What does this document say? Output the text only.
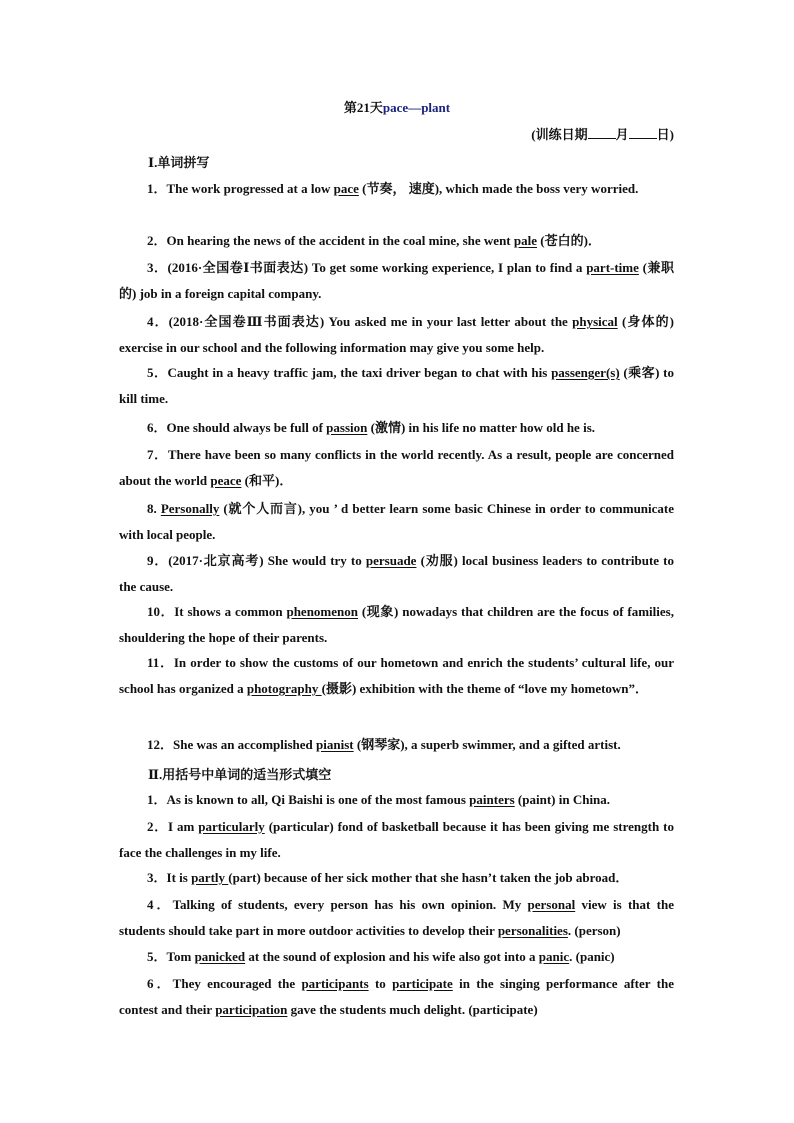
第21天pace—plant
(训练日期 月 日)
Ⅰ.单词拼写
1．The work progressed at a low pace (节奏， 速度), which made the boss very worried.
2．On hearing the news of the accident in the coal mine, she went pale (苍白的)．
3．(2016·全国卷Ⅰ书面表达) To get some working experience, I plan to find a part-time (兼职的) job in a foreign capital company.
4．(2018·全国卷Ⅲ书面表达) You asked me in your last letter about the physical (身体的) exercise in our school and the following information may give you some help.
5．Caught in a heavy traffic jam, the taxi driver began to chat with his passenger(s) (乘客) to kill time.
6．One should always be full of passion (激情) in his life no matter how old he is.
7．There have been so many conflicts in the world recently. As a result, people are concerned about the world peace (和平)．
8. Personally (就个人而言), you ’ d better learn some basic Chinese in order to communicate with local people.
9．(2017·北京高考) She would try to persuade (劝服) local business leaders to contribute to the cause.
10．It shows a common phenomenon (现象) nowadays that children are the focus of families, shouldering the hope of their parents.
11．In order to show the customs of our hometown and enrich the students’ cultural life, our school has organized a photography (摄影) exhibition with the theme of “love my hometown”．
12．She was an accomplished pianist (钢琴家), a superb swimmer, and a gifted artist.
Ⅱ.用括号中单词的适当形式填空
1．As is known to all, Qi Baishi is one of the most famous painters (paint) in China.
2．I am particularly (particular) fond of basketball because it has been giving me strength to face the challenges in my life.
3．It is partly (part) because of her sick mother that she hasn’t taken the job abroad．
4．Talking of students, every person has his own opinion. My personal view is that the students should take part in more outdoor activities to develop their personalities. (person)
5．Tom panicked at the sound of explosion and his wife also got into a panic. (panic)
6．They encouraged the participants to participate in the singing performance after the contest and their participation gave the students much delight. (participate)
